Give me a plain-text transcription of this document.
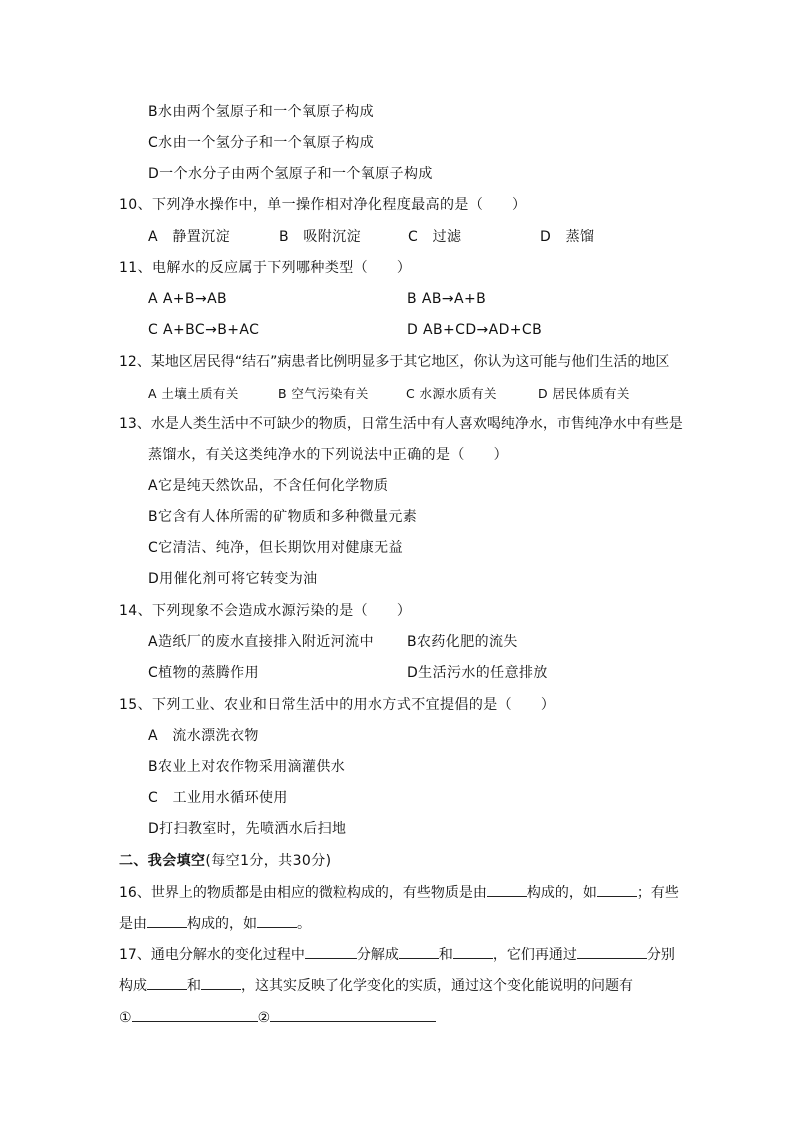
B水由两个氢原子和一个氧原子构成
C水由一个氢分子和一个氧原子构成
D一个水分子由两个氢原子和一个氧原子构成
10、下列净水操作中，单一操作相对净化程度最高的是（　　）
A　静置沉淀	B　吸附沉淀	C　过滤	D　蒸馏
11、电解水的反应属于下列哪种类型（　　）
A A+B→AB	B AB→A+B
C A+BC→B+AC	D AB+CD→AD+CB
12、某地区居民得“结石”病患者比例明显多于其它地区，你认为这可能与他们生活的地区
A 土壤土质有关	B 空气污染有关	C 水源水质有关	D 居民体质有关
13、水是人类生活中不可缺少的物质，日常生活中有人喜欢喝纯净水，市售纯净水中有些是
蒸馏水，有关这类纯净水的下列说法中正确的是（　　）
A它是纯天然饮品，不含任何化学物质
B它含有人体所需的矿物质和多种微量元素
C它清洁、纯净，但长期饮用对健康无益
D用催化剂可将它转变为油
14、下列现象不会造成水源污染的是（　　）
A造纸厂的废水直接排入附近河流中 B农药化肥的流失
C植物的蒸腾作用	D生活污水的任意排放
15、下列工业、农业和日常生活中的用水方式不宜提倡的是（　　）
A　流水漂洗衣物
B农业上对农作物采用滴灌供水
C　工业用水循环使用
D打扫教室时，先喷洒水后扫地
二、我会填空(每空1分，共30分)
16、世界上的物质都是由相应的微粒构成的，有些物质是由	构成的，如	；有些
是由	构成的，如	。
17、通电分解水的变化过程中	分解成	和	，它们再通过	分别
构成	和	，这其实反映了化学变化的实质，通过这个变化能说明的问题有
①	②
